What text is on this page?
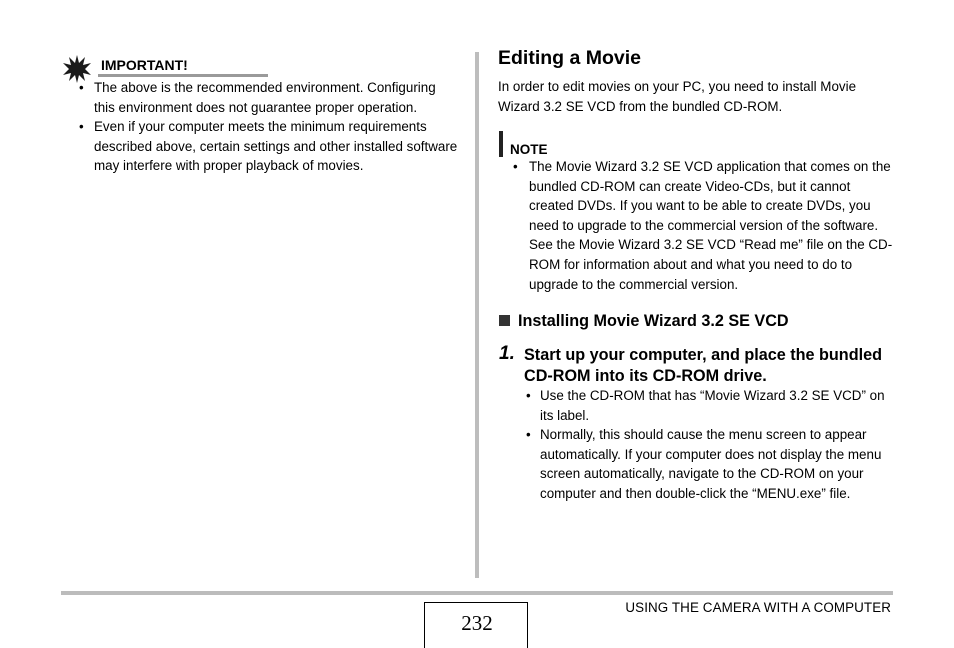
IMPORTANT!
• The above is the recommended environment. Configuring this environment does not guarantee proper operation.
• Even if your computer meets the minimum requirements described above, certain settings and other installed software may interfere with proper playback of movies.
Editing a Movie
In order to edit movies on your PC, you need to install Movie Wizard 3.2 SE VCD from the bundled CD-ROM.
NOTE
• The Movie Wizard 3.2 SE VCD application that comes on the bundled CD-ROM can create Video-CDs, but it cannot created DVDs. If you want to be able to create DVDs, you need to upgrade to the commercial version of the software. See the Movie Wizard 3.2 SE VCD “Read me” file on the CD-ROM for information about and what you need to do to upgrade to the commercial version.
Installing Movie Wizard 3.2 SE VCD
1. Start up your computer, and place the bundled CD-ROM into its CD-ROM drive.
• Use the CD-ROM that has “Movie Wizard 3.2 SE VCD” on its label.
• Normally, this should cause the menu screen to appear automatically. If your computer does not display the menu screen automatically, navigate to the CD-ROM on your computer and then double-click the “MENU.exe” file.
232
USING THE CAMERA WITH A COMPUTER
